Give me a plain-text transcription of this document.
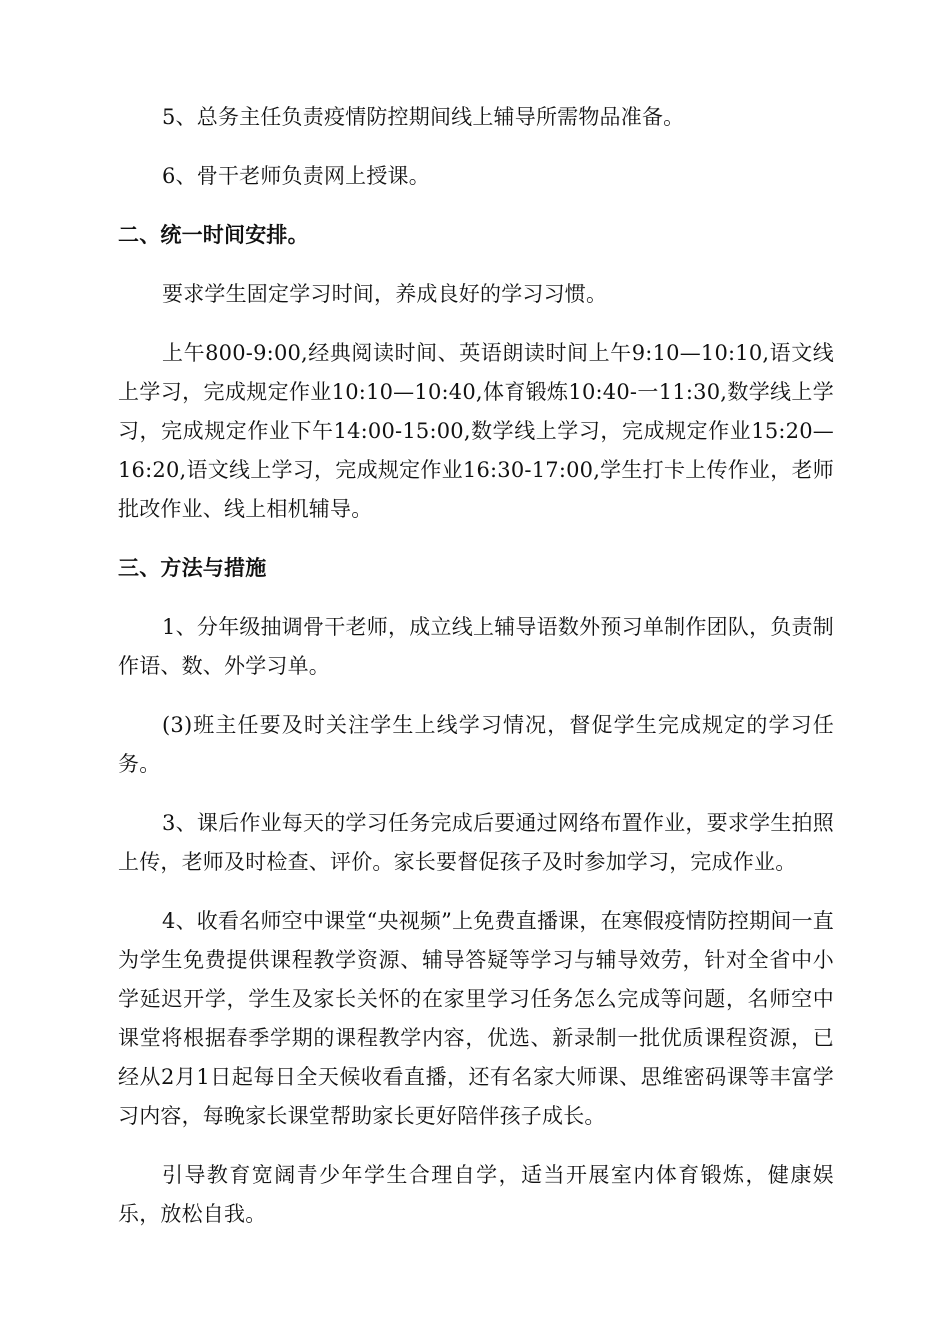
5、总务主任负责疫情防控期间线上辅导所需物品准备。

6、骨干老师负责网上授课。

二、统一时间安排。

要求学生固定学习时间，养成良好的学习习惯。

上午800-9:00,经典阅读时间、英语朗读时间上午9:10—10:10,语文线上学习，完成规定作业10:10—10:40,体育锻炼10:40-一11:30,数学线上学习，完成规定作业下午14:00-15:00,数学线上学习，完成规定作业15:20—16:20,语文线上学习，完成规定作业16:30-17:00,学生打卡上传作业，老师批改作业、线上相机辅导。

三、方法与措施

1、分年级抽调骨干老师，成立线上辅导语数外预习单制作团队，负责制作语、数、外学习单。

(3)班主任要及时关注学生上线学习情况，督促学生完成规定的学习任务。

3、课后作业每天的学习任务完成后要通过网络布置作业，要求学生拍照上传，老师及时检查、评价。家长要督促孩子及时参加学习，完成作业。

4、收看名师空中课堂“央视频”上免费直播课，在寒假疫情防控期间一直为学生免费提供课程教学资源、辅导答疑等学习与辅导效劳，针对全省中小学延迟开学，学生及家长关怀的在家里学习任务怎么完成等问题，名师空中课堂将根据春季学期的课程教学内容，优选、新录制一批优质课程资源，已经从2月1日起每日全天候收看直播，还有名家大师课、思维密码课等丰富学习内容，每晚家长课堂帮助家长更好陪伴孩子成长。

引导教育宽阔青少年学生合理自学，适当开展室内体育锻炼，健康娱乐，放松自我。
